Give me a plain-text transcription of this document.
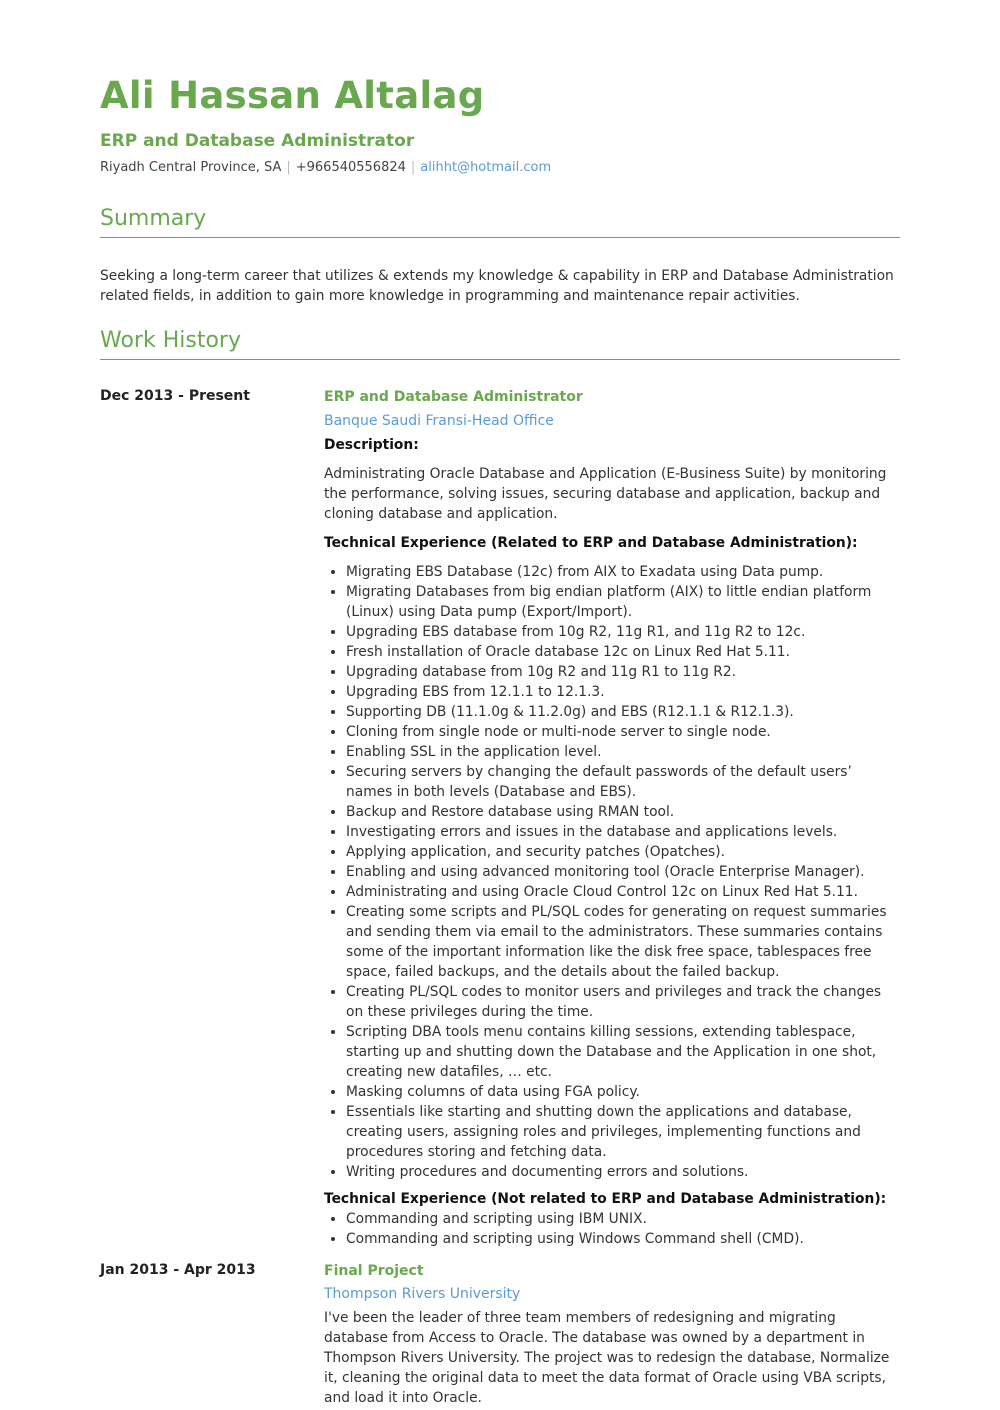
Ali Hassan Altalag
ERP and Database Administrator
Riyadh Central Province, SA | +966540556824 | alihht@hotmail.com
Summary

Seeking a long-term career that utilizes & extends my knowledge & capability in ERP and Database Administration related fields, in addition to gain more knowledge in programming and maintenance repair activities.

Work History
Dec 2013 - Present	ERP and Database Administrator
Banque Saudi Fransi-Head Office
Description:

Administrating Oracle Database and Application (E-Business Suite) by monitoring the performance, solving issues, securing database and application, backup and cloning database and application.

Technical Experience (Related to ERP and Database Administration):
• Migrating EBS Database (12c) from AIX to Exadata using Data pump.
• Migrating Databases from big endian platform (AIX) to little endian platform (Linux) using Data pump (Export/Import).
• Upgrading EBS database from 10g R2, 11g R1, and 11g R2 to 12c.
• Fresh installation of Oracle database 12c on Linux Red Hat 5.11.
• Upgrading database from 10g R2 and 11g R1 to 11g R2.
• Upgrading EBS from 12.1.1 to 12.1.3.
• Supporting DB (11.1.0g & 11.2.0g) and EBS (R12.1.1 & R12.1.3).
• Cloning from single node or multi-node server to single node.
• Enabling SSL in the application level.
• Securing servers by changing the default passwords of the default users’ names in both levels (Database and EBS).
• Backup and Restore database using RMAN tool.
• Investigating errors and issues in the database and applications levels.
• Applying application, and security patches (Opatches).
• Enabling and using advanced monitoring tool (Oracle Enterprise Manager).
• Administrating and using Oracle Cloud Control 12c on Linux Red Hat 5.11.
• Creating some scripts and PL/SQL codes for generating on request summaries and sending them via email to the administrators. These summaries contains some of the important information like the disk free space, tablespaces free space, failed backups, and the details about the failed backup.
• Creating PL/SQL codes to monitor users and privileges and track the changes on these privileges during the time.
• Scripting DBA tools menu contains killing sessions, extending tablespace, starting up and shutting down the Database and the Application in one shot, creating new datafiles, … etc.
• Masking columns of data using FGA policy.
• Essentials like starting and shutting down the applications and database, creating users, assigning roles and privileges, implementing functions and procedures storing and fetching data.
• Writing procedures and documenting errors and solutions.
Technical Experience (Not related to ERP and Database Administration):
• Commanding and scripting using IBM UNIX.
• Commanding and scripting using Windows Command shell (CMD).
Jan 2013 - Apr 2013	Final Project
Thompson Rivers University

I've been the leader of three team members of redesigning and migrating database from Access to Oracle. The database was owned by a department in Thompson Rivers University. The project was to redesign the database, Normalize it, cleaning the original data to meet the data format of Oracle using VBA scripts, and load it into Oracle.
